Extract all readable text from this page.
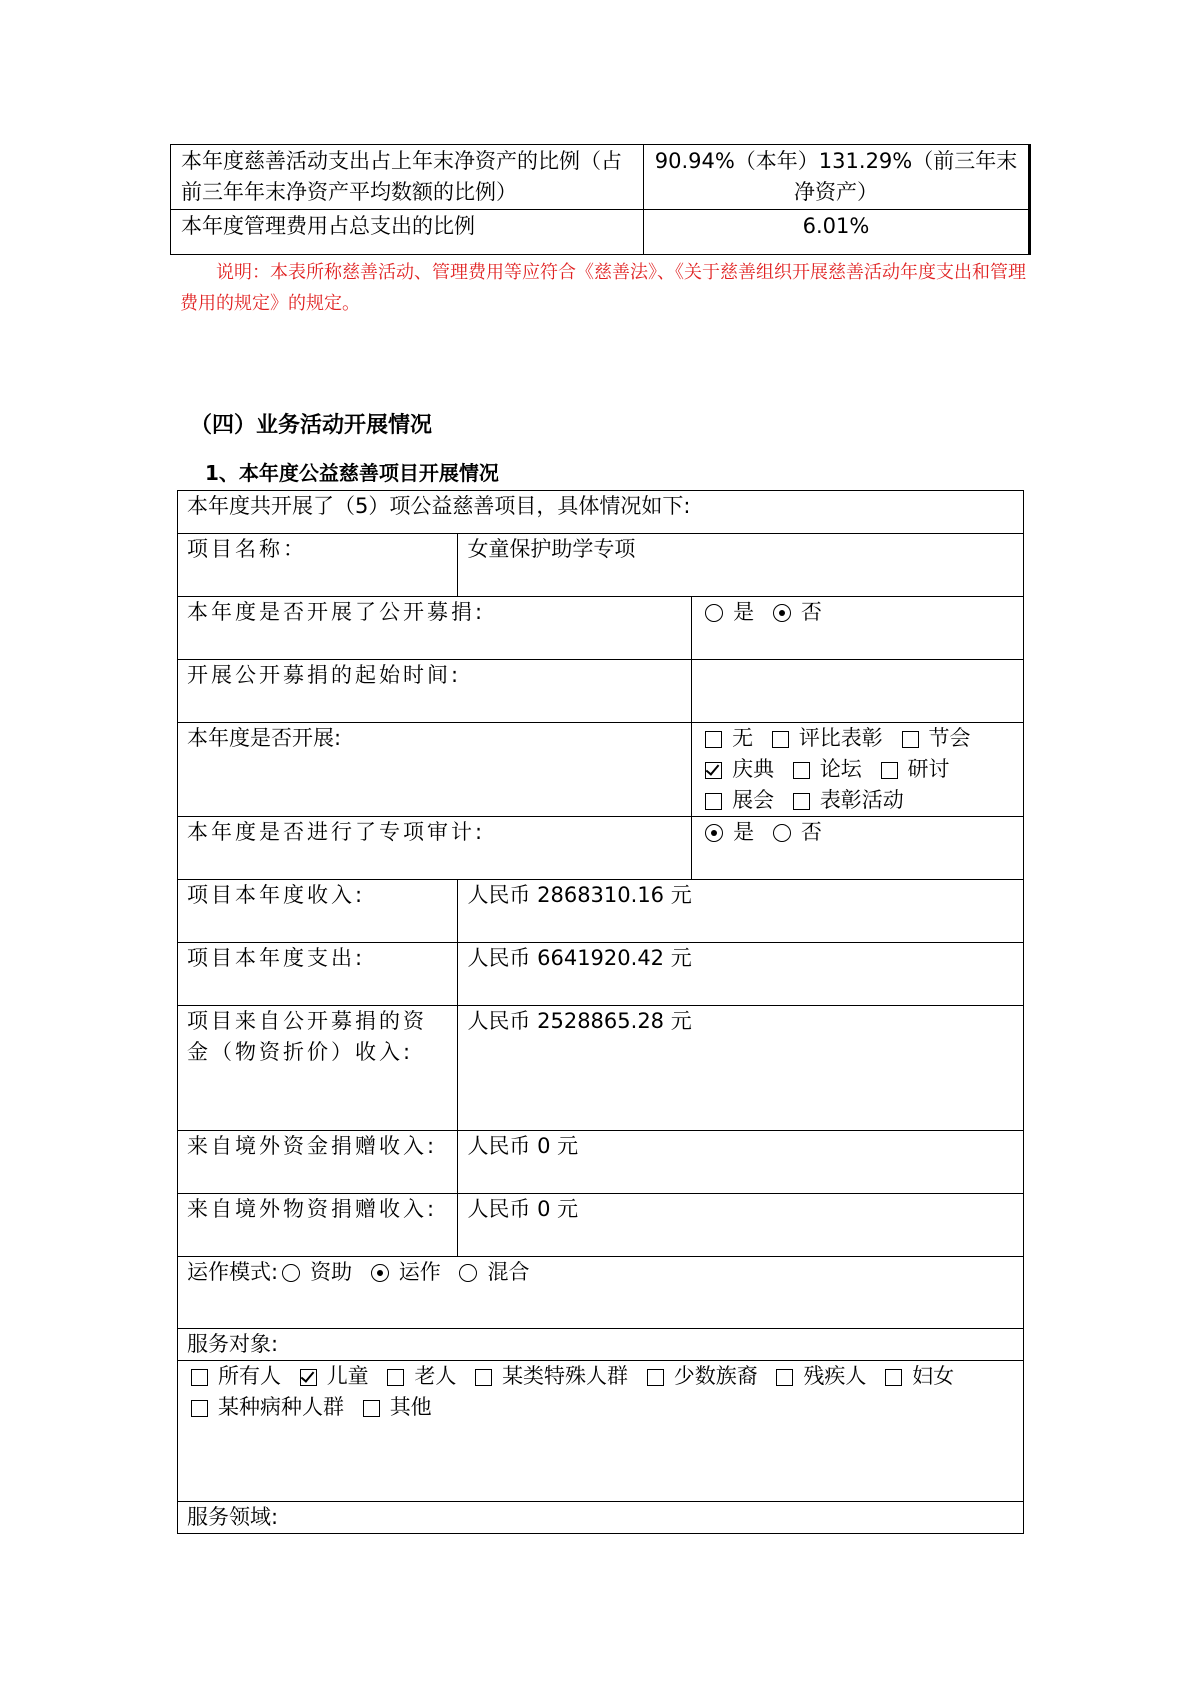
本年度慈善活动支出占上年末净资产的比例（占前三年年末净资产平均数额的比例）	90.94%（本年）131.29%（前三年末净资产）
本年度管理费用占总支出的比例	6.01%
说明：本表所称慈善活动、管理费用等应符合《慈善法》、《关于慈善组织开展慈善活动年度支出和管理费用的规定》的规定。
（四）业务活动开展情况
1、本年度公益慈善项目开展情况
本年度共开展了（5）项公益慈善项目，具体情况如下:		
项目名称：	女童保护助学专项	
本年度是否开展了公开募捐:		是 否
开展公开募捐的起始时间:		
本年度是否开展:		无 评比表彰 节会 庆典 论坛 研讨 展会 表彰活动
本年度是否进行了专项审计:		是 否
项目本年度收入:	人民币 2868310.16 元	
项目本年度支出:	人民币 6641920.42 元	
项目来自公开募捐的资金（物资折价）收入:	人民币 2528865.28 元	
来自境外资金捐赠收入:	人民币 0 元	
来自境外物资捐赠收入:	人民币 0 元	
运作模式: 资助 运作 混合		
服务对象:		
所有人 儿童 老人 某类特殊人群 少数族裔 残疾人 妇女 某种病种人群 其他		
服务领域:		
